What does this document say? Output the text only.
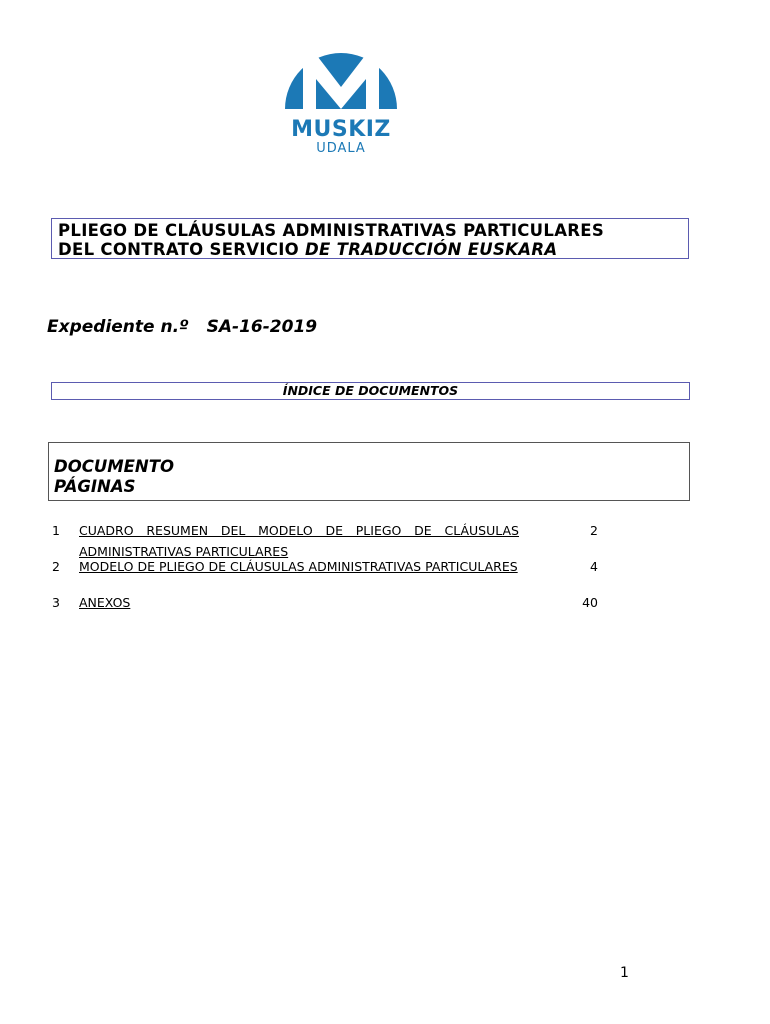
MUSKIZ
UDALA
PLIEGO DE CLÁUSULAS ADMINISTRATIVAS PARTICULARES
DEL CONTRATO SERVICIO DE TRADUCCIÓN EUSKARA
Expediente n.º SA-16-2019
ÍNDICE DE DOCUMENTOS
DOCUMENTO
PÁGINAS
1 CUADRO RESUMEN DEL MODELO DE PLIEGO DE CLÁUSULAS ADMINISTRATIVAS PARTICULARES
2
2 MODELO DE PLIEGO DE CLÁUSULAS ADMINISTRATIVAS PARTICULARES	4
3 ANEXOS	40
1
